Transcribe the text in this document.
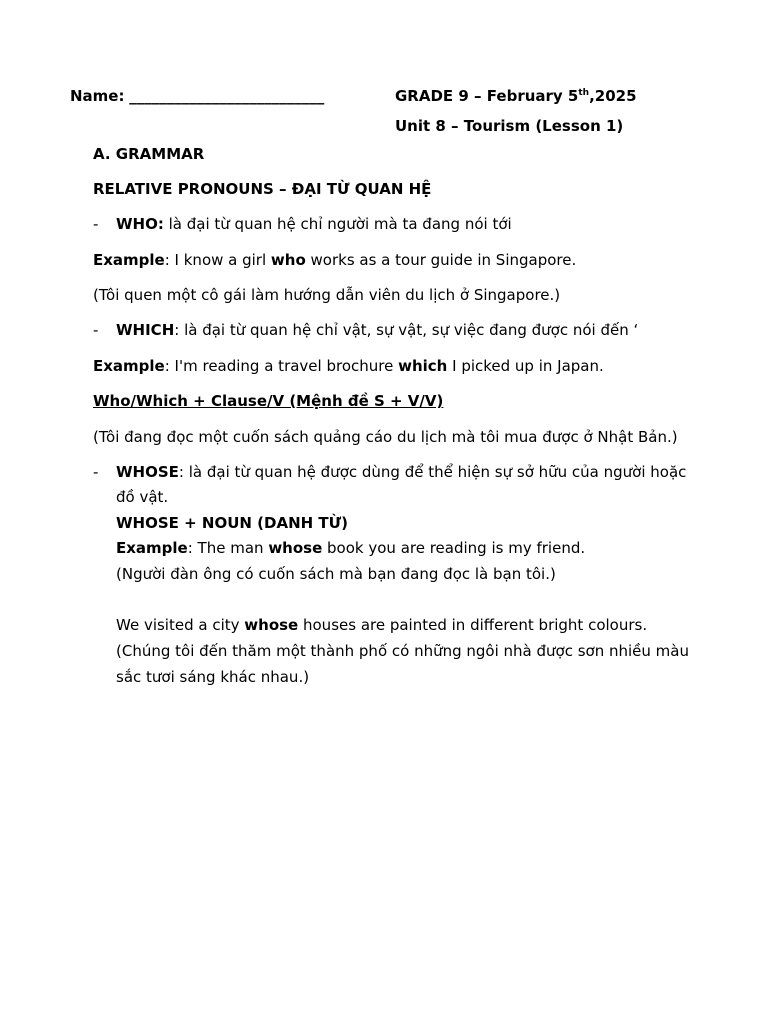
Name: __________________________	GRADE 9 – February 5th,2025
Unit 8 – Tourism (Lesson 1)
A. GRAMMAR
RELATIVE PRONOUNS – ĐẠI TỪ QUAN HỆ
- WHO: là đại từ quan hệ chỉ người mà ta đang nói tới
Example: I know a girl who works as a tour guide in Singapore.
(Tôi quen một cô gái làm hướng dẫn viên du lịch ở Singapore.)
- WHICH: là đại từ quan hệ chỉ vật, sự vật, sự việc đang được nói đến ‘
Example: I'm reading a travel brochure which I picked up in Japan.
Who/Which + Clause/V (Mệnh đề S + V/V)
(Tôi đang đọc một cuốn sách quảng cáo du lịch mà tôi mua được ở Nhật Bản.)
- WHOSE: là đại từ quan hệ được dùng để thể hiện sự sở hữu của người hoặc
đồ vật.
WHOSE + NOUN (DANH TỪ)
Example: The man whose book you are reading is my friend.
(Người đàn ông có cuốn sách mà bạn đang đọc là bạn tôi.)
We visited a city whose houses are painted in different bright colours.
(Chúng tôi đến thăm một thành phố có những ngôi nhà được sơn nhiều màu
sắc tươi sáng khác nhau.)
